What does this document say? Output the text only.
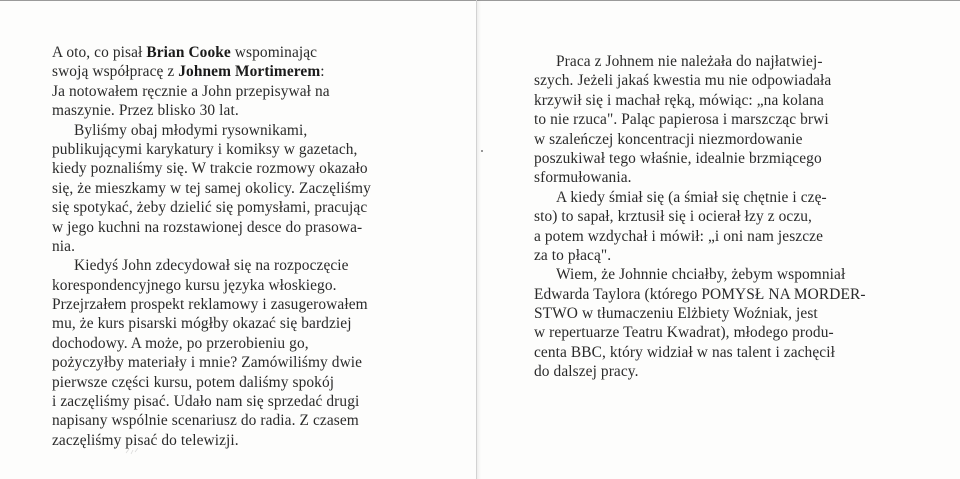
A oto, co pisał Brian Cooke wspominając
swoją współpracę z Johnem Mortimerem:
Ja notowałem ręcznie a John przepisywał na
maszynie. Przez blisko 30 lat.
Byliśmy obaj młodymi rysownikami,
publikującymi karykatury i komiksy w gazetach,
kiedy poznaliśmy się. W trakcie rozmowy okazało
się, że mieszkamy w tej samej okolicy. Zaczęliśmy
się spotykać, żeby dzielić się pomysłami, pracując
w jego kuchni na rozstawionej desce do prasowa-
nia.
Kiedyś John zdecydował się na rozpoczęcie
korespondencyjnego kursu języka włoskiego.
Przejrzałem prospekt reklamowy i zasugerowałem
mu, że kurs pisarski mógłby okazać się bardziej
dochodowy. A może, po przerobieniu go,
pożyczyłby materiały i mnie? Zamówiliśmy dwie
pierwsze części kursu, potem daliśmy spokój
i zaczęliśmy pisać. Udało nam się sprzedać drugi
napisany wspólnie scenariusz do radia. Z czasem
zaczęliśmy pisać do telewizji.
Praca z Johnem nie należała do najłatwiej-
szych. Jeżeli jakaś kwestia mu nie odpowiadała
krzywił się i machał ręką, mówiąc: „na kolana
to nie rzuca". Paląc papierosa i marszcząc brwi
w szaleńczej koncentracji niezmordowanie
poszukiwał tego właśnie, idealnie brzmiącego
sformułowania.
A kiedy śmiał się (a śmiał się chętnie i czę-
sto) to sapał, krztusił się i ocierał łzy z oczu,
a potem wzdychał i mówił: „i oni nam jeszcze
za to płacą".
Wiem, że Johnnie chciałby, żebym wspomniał
Edwarda Taylora (którego POMYSŁ NA MORDER-
STWO w tłumaczeniu Elżbiety Woźniak, jest
w repertuarze Teatru Kwadrat), młodego produ-
centa BBC, który widział w nas talent i zachęcił
do dalszej pracy.
